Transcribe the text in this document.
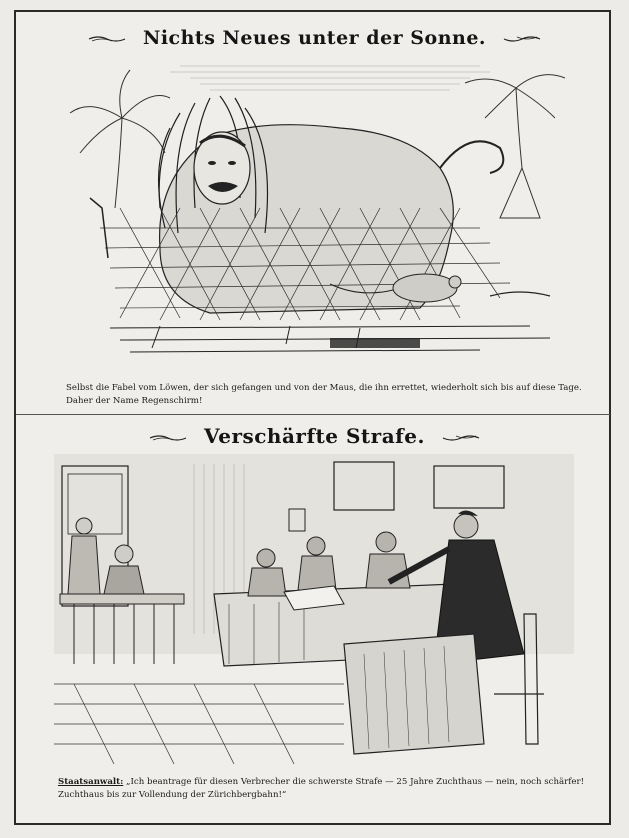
Nichts Neues unter der Sonne.
Selbst die Fabel vom Löwen, der sich gefangen und von der Maus, die ihn errettet, wiederholt sich bis auf diese Tage. Daher der Name Regenschirm!
Verschärfte Strafe.
Staatsanwalt: „Ich beantrage für diesen Verbrecher die schwerste Strafe — 25 Jahre Zuchthaus — nein, noch schärfer! Zuchthaus bis zur Vollendung der Zürichbergbahn!“
